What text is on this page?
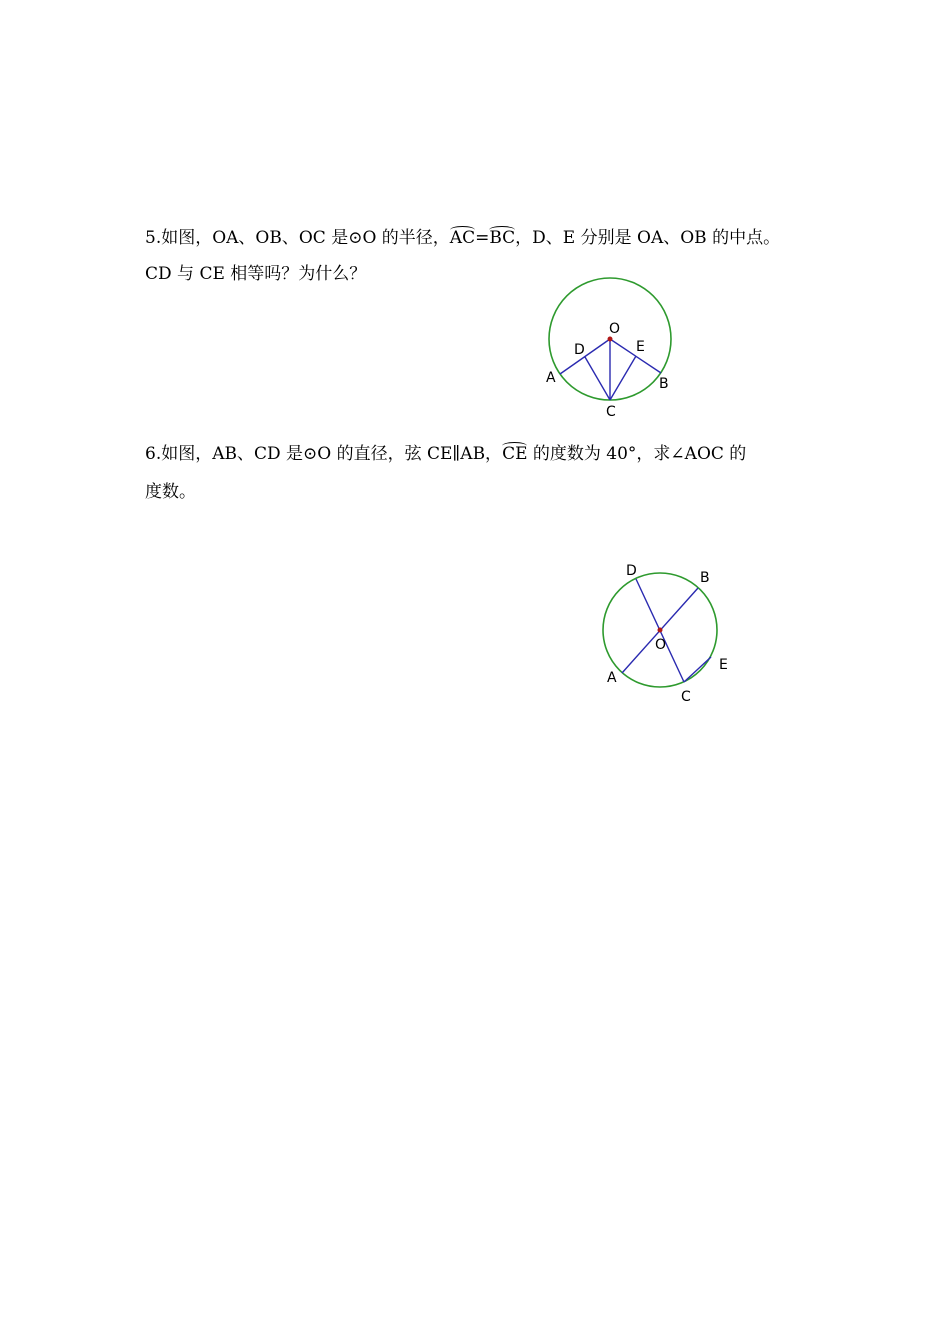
5.如图，OA、OB、OC 是⊙O 的半径，AC=BC，D、E 分别是 OA、OB 的中点。
CD 与 CE 相等吗？为什么？
O
D	E
A	B
C
6.如图，AB、CD 是⊙O 的直径，弦 CE∥AB，CE 的度数为 40°，求∠AOC 的
度数。
D	B
O
A
C
E
